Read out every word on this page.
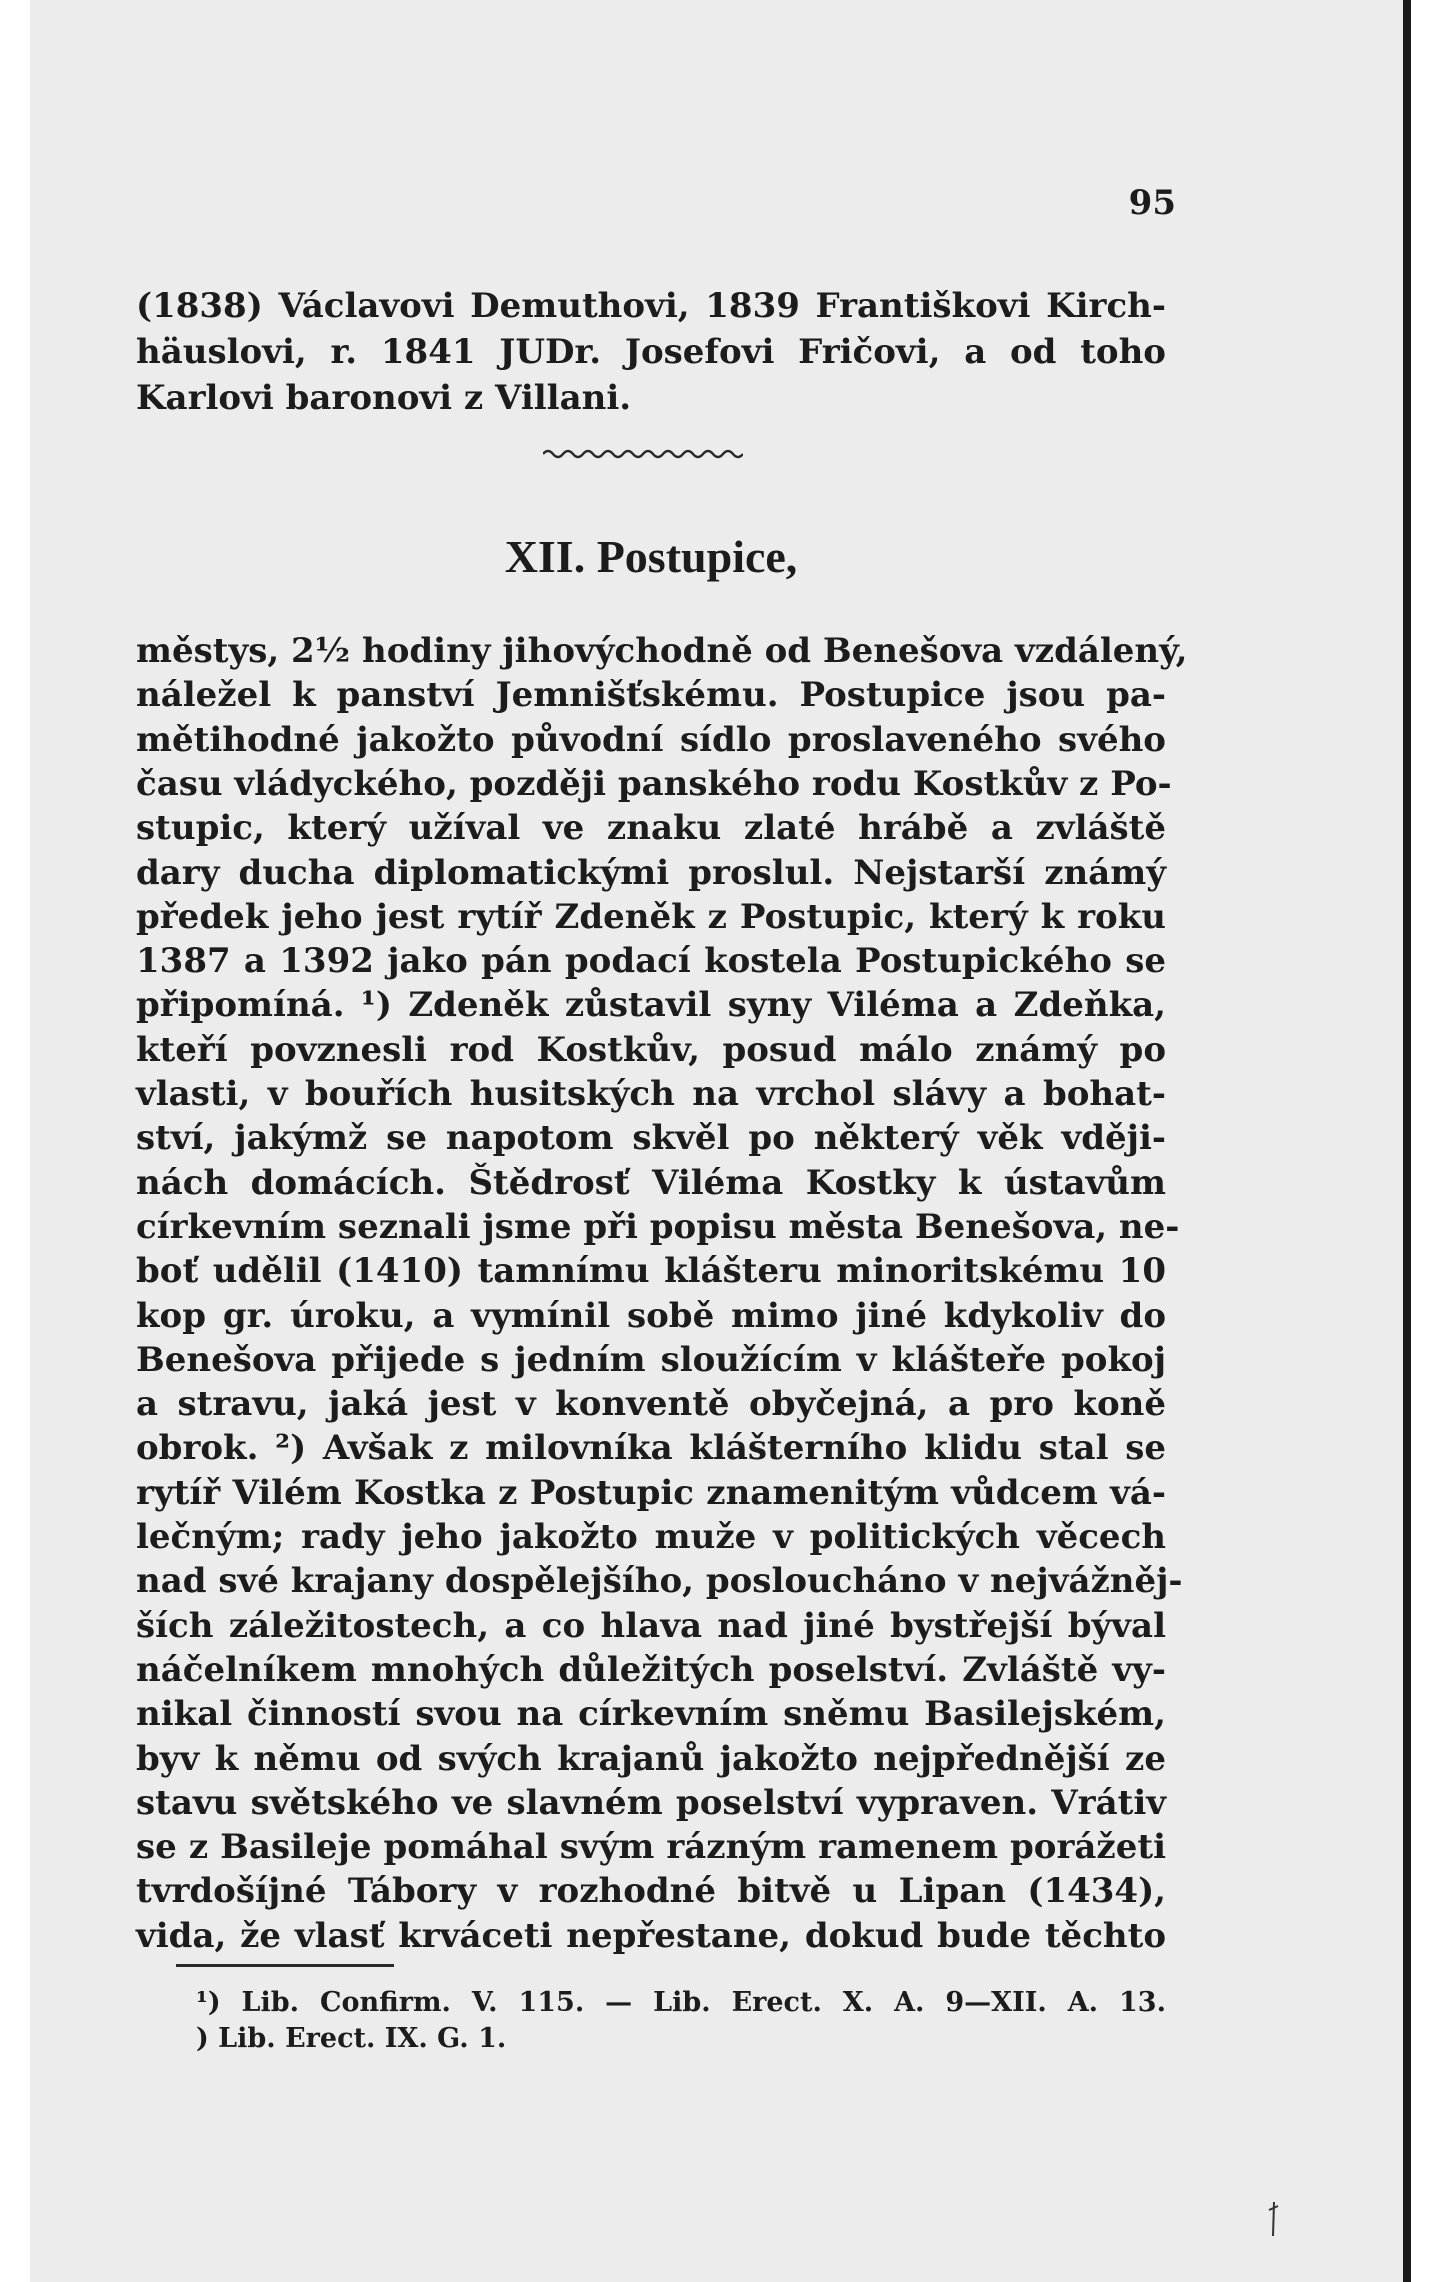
95
(1838) Václavovi Demuthovi, 1839 Františkovi Kirch-
häuslovi, r. 1841 JUDr. Josefovi Fričovi, a od toho
Karlovi baronovi z Villani.
XII. Postupice,
městys, 2½ hodiny jihovýchodně od Benešova vzdálený,
náležel k panství Jemnišťskému. Postupice jsou pa-
mětihodné jakožto původní sídlo proslaveného svého
času vládyckého, později panského rodu Kostkův z Po-
stupic, který užíval ve znaku zlaté hrábě a zvláště
dary ducha diplomatickými proslul. Nejstarší známý
předek jeho jest rytíř Zdeněk z Postupic, který k roku
1387 a 1392 jako pán podací kostela Postupického se
připomíná. ¹) Zdeněk zůstavil syny Viléma a Zdeňka,
kteří povznesli rod Kostkův, posud málo známý po
vlasti, v bouřích husitských na vrchol slávy a bohat-
ství, jakýmž se napotom skvěl po některý věk vději-
nách domácích. Štědrosť Viléma Kostky k ústavům
církevním seznali jsme při popisu města Benešova, ne-
boť udělil (1410) tamnímu klášteru minoritskému 10
kop gr. úroku, a vymínil sobě mimo jiné kdykoliv do
Benešova přijede s jedním sloužícím v klášteře pokoj
a stravu, jaká jest v konventě obyčejná, a pro koně
obrok. ²) Avšak z milovníka klášterního klidu stal se
rytíř Vilém Kostka z Postupic znamenitým vůdcem vá-
lečným; rady jeho jakožto muže v politických věcech
nad své krajany dospělejšího, posloucháno v nejvážněj-
ších záležitostech, a co hlava nad jiné bystřejší býval
náčelníkem mnohých důležitých poselství. Zvláště vy-
nikal činností svou na církevním sněmu Basilejském,
byv k němu od svých krajanů jakožto nejpřednější ze
stavu světského ve slavném poselství vypraven. Vrátiv
se z Basileje pomáhal svým rázným ramenem porážeti
tvrdošíjné Tábory v rozhodné bitvě u Lipan (1434),
¹) Lib. Confirm. V. 115. — Lib. Erect. X. A. 9—XII. A. 13.
) Lib. Erect. IX. G. 1.
vida, že vlasť krváceti nepřestane, dokud bude těchto
